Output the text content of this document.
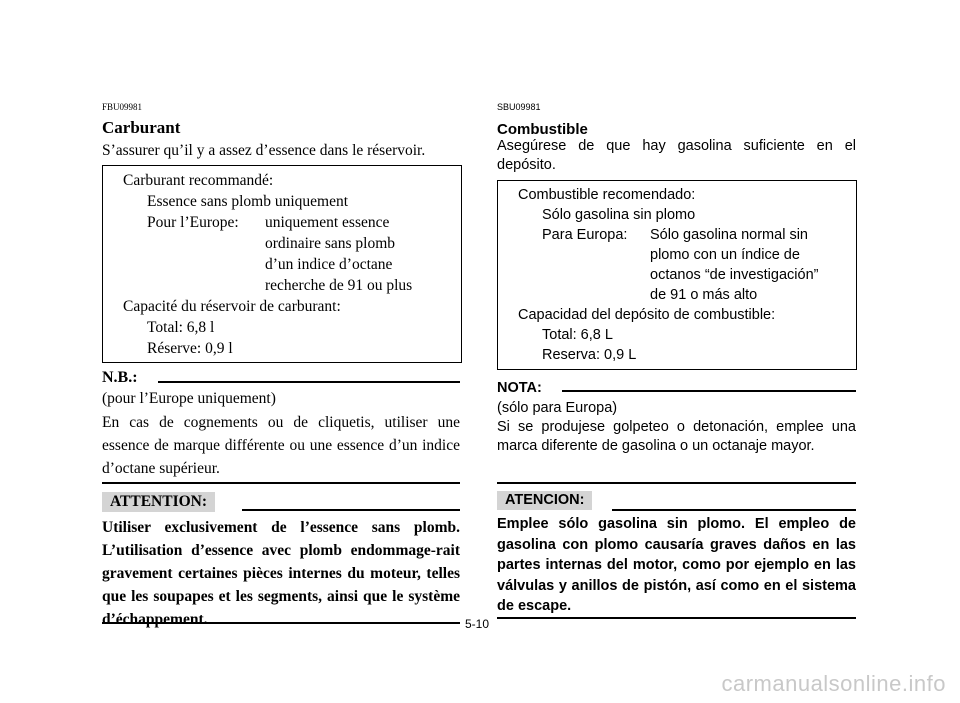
FBU09981
Carburant
S’assurer qu’il y a assez d’essence dans le réservoir.
Carburant recommandé:
Essence sans plomb uniquement
Pour l’Europe: uniquement essence
ordinaire sans plomb
d’un indice d’octane
recherche de 91 ou plus
Capacité du réservoir de carburant:
Total: 6,8 l
Réserve: 0,9 l
N.B.:
(pour l’Europe uniquement)
En cas de cognements ou de cliquetis, utiliser une essence de marque différente ou une essence d’un indice d’octane supérieur.
ATTENTION:
Utiliser exclusivement de l’essence sans plomb. L’utilisation d’essence avec plomb endommage-rait gravement certaines pièces internes du moteur, telles que les soupapes et les segments, ainsi que le système d’échappement.
SBU09981
Combustible
Asegúrese de que hay gasolina suficiente en el depósito.
Combustible recomendado:
Sólo gasolina sin plomo
Para Europa: Sólo gasolina normal sin
plomo con un índice de
octanos “de investigación”
de 91 o más alto
Capacidad del depósito de combustible:
Total: 6,8 L
Reserva: 0,9 L
NOTA:
(sólo para Europa)
Si se produjese golpeteo o detonación, emplee una marca diferente de gasolina o un octanaje mayor.
ATENCION:
Emplee sólo gasolina sin plomo. El empleo de gasolina con plomo causaría graves daños en las partes internas del motor, como por ejemplo en las válvulas y anillos de pistón, así como en el sistema de escape.
5-10
carmanualsonline.info
